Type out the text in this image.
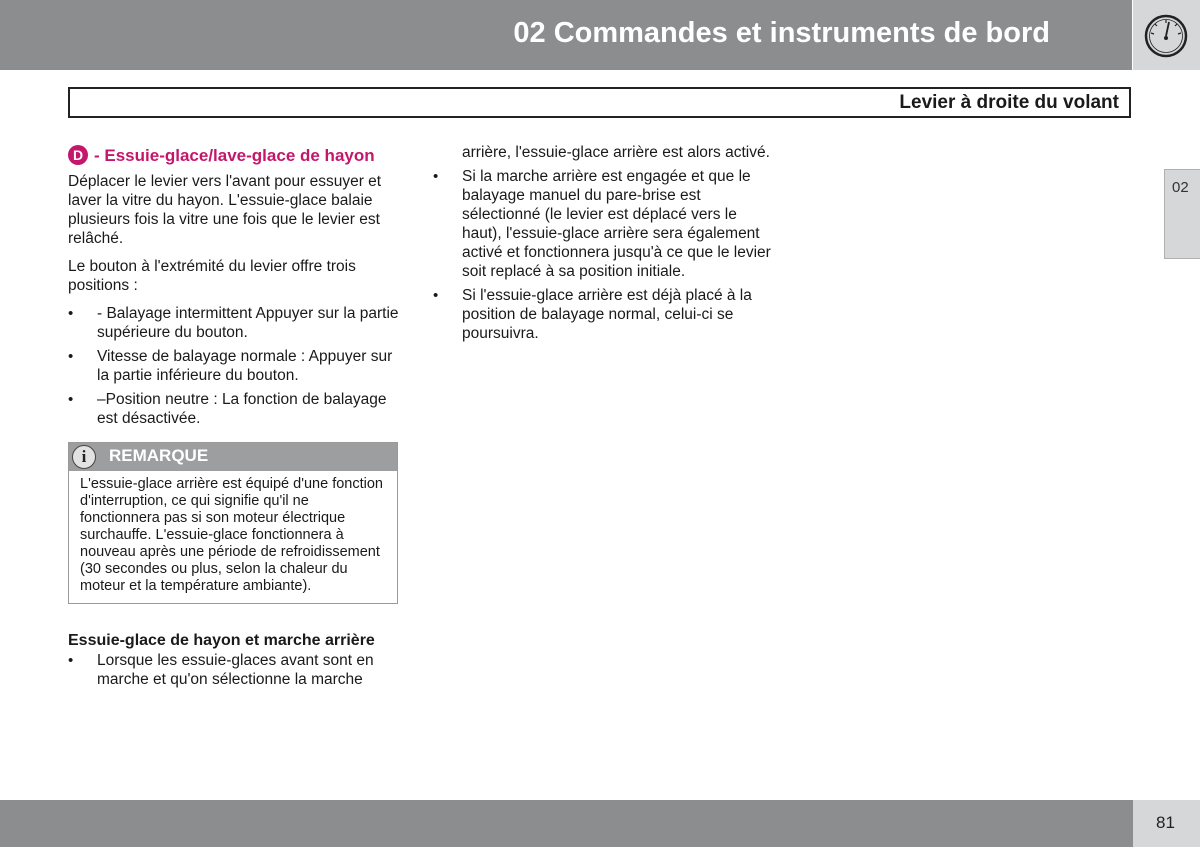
02 Commandes et instruments de bord
Levier à droite du volant
02
D - Essuie-glace/lave-glace de hayon

Déplacer le levier vers l'avant pour essuyer et laver la vitre du hayon. L'essuie-glace balaie plusieurs fois la vitre une fois que le levier est relâché.

Le bouton à l'extrémité du levier offre trois positions :

• - Balayage intermittent Appuyer sur la partie supérieure du bouton.
• Vitesse de balayage normale : Appuyer sur la partie inférieure du bouton.
• –Position neutre : La fonction de balayage est désactivée.
i	REMARQUE
L'essuie-glace arrière est équipé d'une fonction d'interruption, ce qui signifie qu'il ne fonctionnera pas si son moteur électrique surchauffe. L'essuie-glace fonctionnera à nouveau après une période de refroidissement (30 secondes ou plus, selon la chaleur du moteur et la température ambiante).
Essuie-glace de hayon et marche arrière
• Lorsque les essuie-glaces avant sont en marche et qu'on sélectionne la marche

arrière, l'essuie-glace arrière est alors activé.

• Si la marche arrière est engagée et que le balayage manuel du pare-brise est sélectionné (le levier est déplacé vers le haut), l'essuie-glace arrière sera également activé et fonctionnera jusqu'à ce que le levier soit replacé à sa position initiale.
• Si l'essuie-glace arrière est déjà placé à la position de balayage normal, celui-ci se poursuivra.
81
